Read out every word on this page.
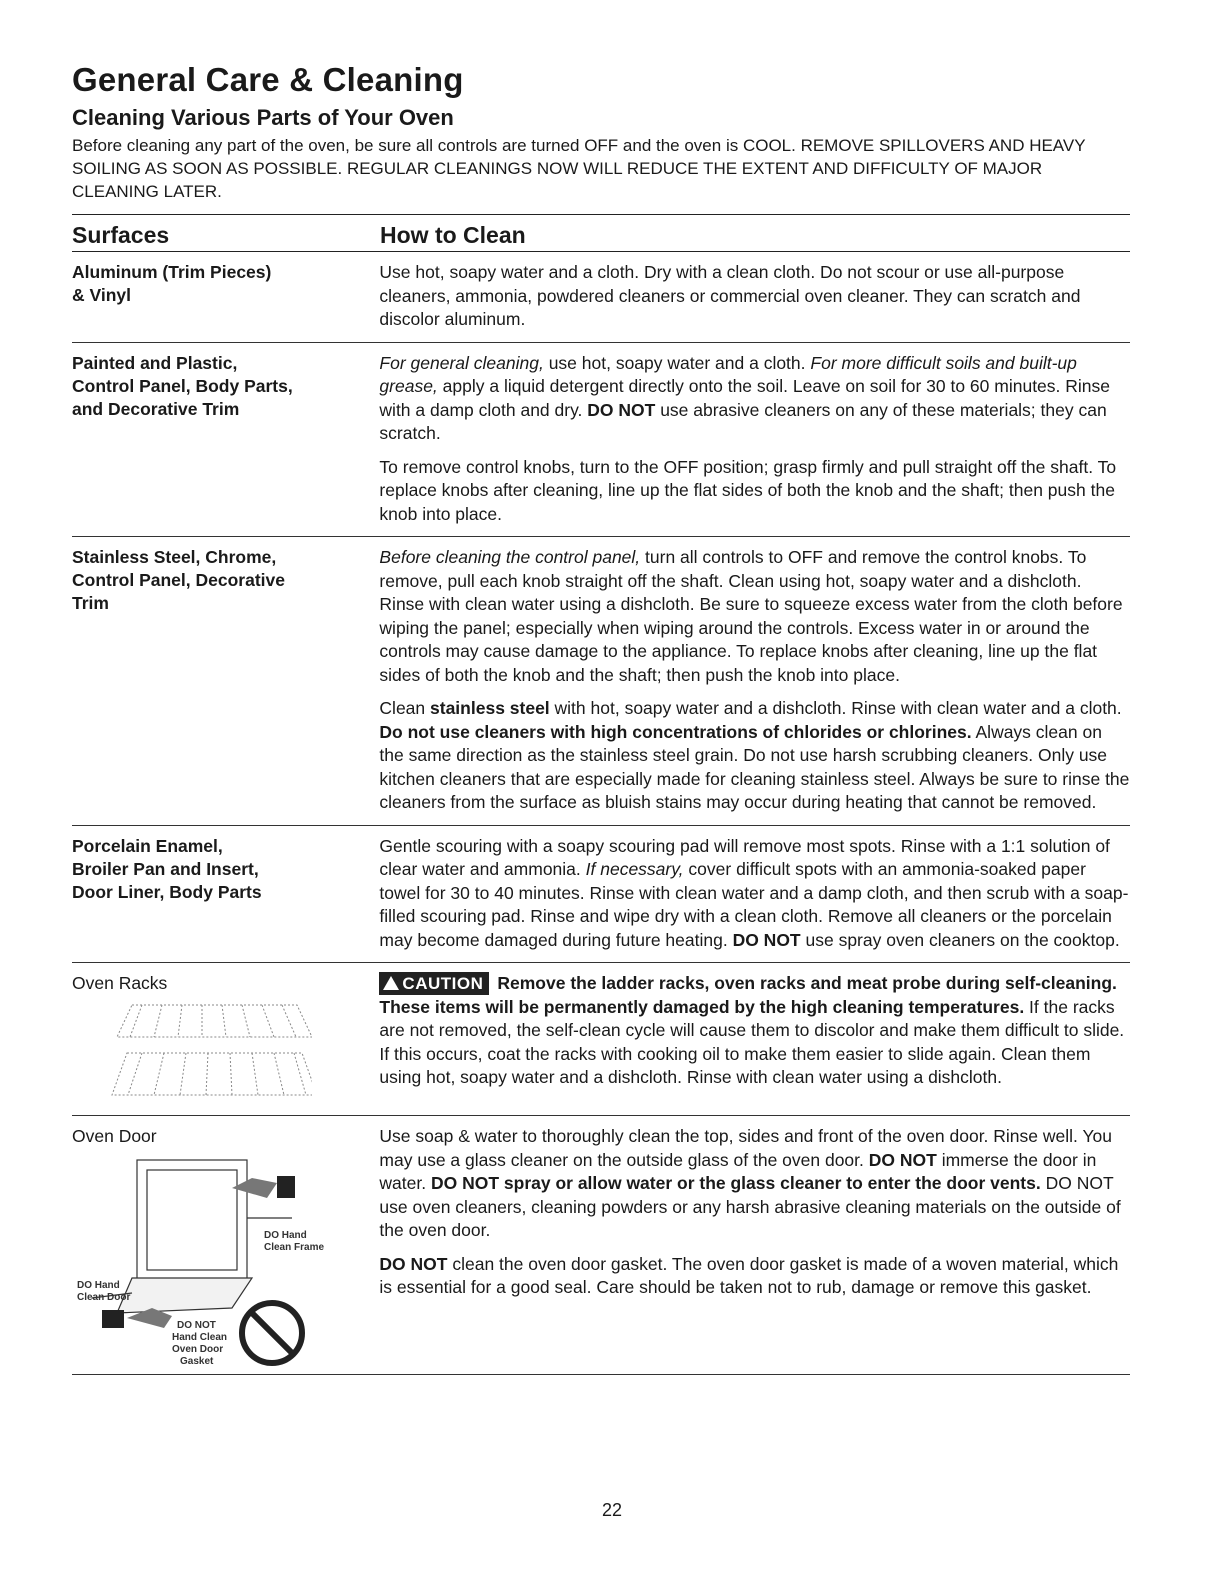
General Care & Cleaning
Cleaning Various Parts of Your Oven

Before cleaning any part of the oven, be sure all controls are turned OFF and the oven is COOL. REMOVE SPILLOVERS AND HEAVY SOILING AS SOON AS POSSIBLE. REGULAR CLEANINGS NOW WILL REDUCE THE EXTENT AND DIFFICULTY OF MAJOR CLEANING LATER.

Surfaces	How to Clean
Aluminum (Trim Pieces)
& Vinyl

Use hot, soapy water and a cloth. Dry with a clean cloth. Do not scour or use all-purpose cleaners, ammonia, powdered cleaners or commercial oven cleaner. They can scratch and discolor aluminum.

Painted and Plastic,
Control Panel, Body Parts,
and Decorative Trim

For general cleaning, use hot, soapy water and a cloth. For more difficult soils and built-up grease, apply a liquid detergent directly onto the soil. Leave on soil for 30 to 60 minutes. Rinse with a damp cloth and dry. DO NOT use abrasive cleaners on any of these materials; they can scratch.

To remove control knobs, turn to the OFF position; grasp firmly and pull straight off the shaft. To replace knobs after cleaning, line up the flat sides of both the knob and the shaft; then push the knob into place.

Stainless Steel, Chrome,
Control Panel, Decorative
Trim

Before cleaning the control panel, turn all controls to OFF and remove the control knobs. To remove, pull each knob straight off the shaft. Clean using hot, soapy water and a dishcloth. Rinse with clean water using a dishcloth. Be sure to squeeze excess water from the cloth before wiping the panel; especially when wiping around the controls. Excess water in or around the controls may cause damage to the appliance. To replace knobs after cleaning, line up the flat sides of both the knob and the shaft; then push the knob into place.

Clean stainless steel with hot, soapy water and a dishcloth. Rinse with clean water and a cloth. Do not use cleaners with high concentrations of chlorides or chlorines. Always clean on the same direction as the stainless steel grain. Do not use harsh scrubbing cleaners. Only use kitchen cleaners that are especially made for cleaning stainless steel. Always be sure to rinse the cleaners from the surface as bluish stains may occur during heating that cannot be removed.

Porcelain Enamel,
Broiler Pan and Insert,
Door Liner, Body Parts

Gentle scouring with a soapy scouring pad will remove most spots. Rinse with a 1:1 solution of clear water and ammonia. If necessary, cover difficult spots with an ammonia-soaked paper towel for 30 to 40 minutes. Rinse with clean water and a damp cloth, and then scrub with a soap-filled scouring pad. Rinse and wipe dry with a clean cloth. Remove all cleaners or the porcelain may become damaged during future heating. DO NOT use spray oven cleaners on the cooktop.

Oven Racks	CAUTION Remove the ladder racks, oven racks and meat probe during self-cleaning. These items will be permanently damaged by the high cleaning temperatures. If the racks are not removed, the self-clean cycle will cause them to discolor and make them difficult to slide. If this occurs, coat the racks with cooking oil to make them easier to slide again. Clean them using hot, soapy water and a dishcloth. Rinse with clean water using a dishcloth.

Oven Door
DO Hand
Clean Frame
DO Hand
Clean Door
DO NOT
Hand Clean
Oven Door
Gasket

Use soap & water to thoroughly clean the top, sides and front of the oven door. Rinse well. You may use a glass cleaner on the outside glass of the oven door. DO NOT immerse the door in water. DO NOT spray or allow water or the glass cleaner to enter the door vents. DO NOT use oven cleaners, cleaning powders or any harsh abrasive cleaning materials on the outside of the oven door.

DO NOT clean the oven door gasket. The oven door gasket is made of a woven material, which is essential for a good seal. Care should be taken not to rub, damage or remove this gasket.

22
